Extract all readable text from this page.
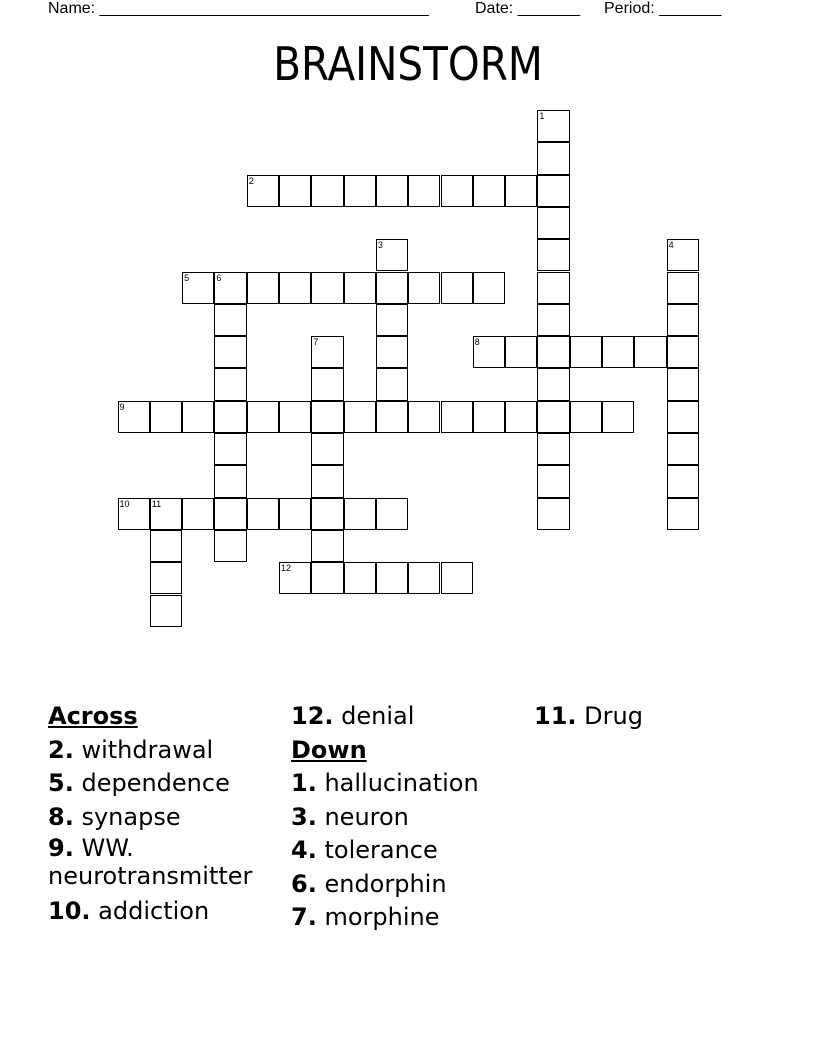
Name: _____________________________________	Date: _______ Period: _______
BRAINSTORM
1
2
3	4
5	6
7	8
9
10 11
12
Across
2. withdrawal
5. dependence
8. synapse
9. WW.
neurotransmitter
10. addiction
12. denial
Down
1. hallucination
3. neuron
4. tolerance
6. endorphin
7. morphine
11. Drug
